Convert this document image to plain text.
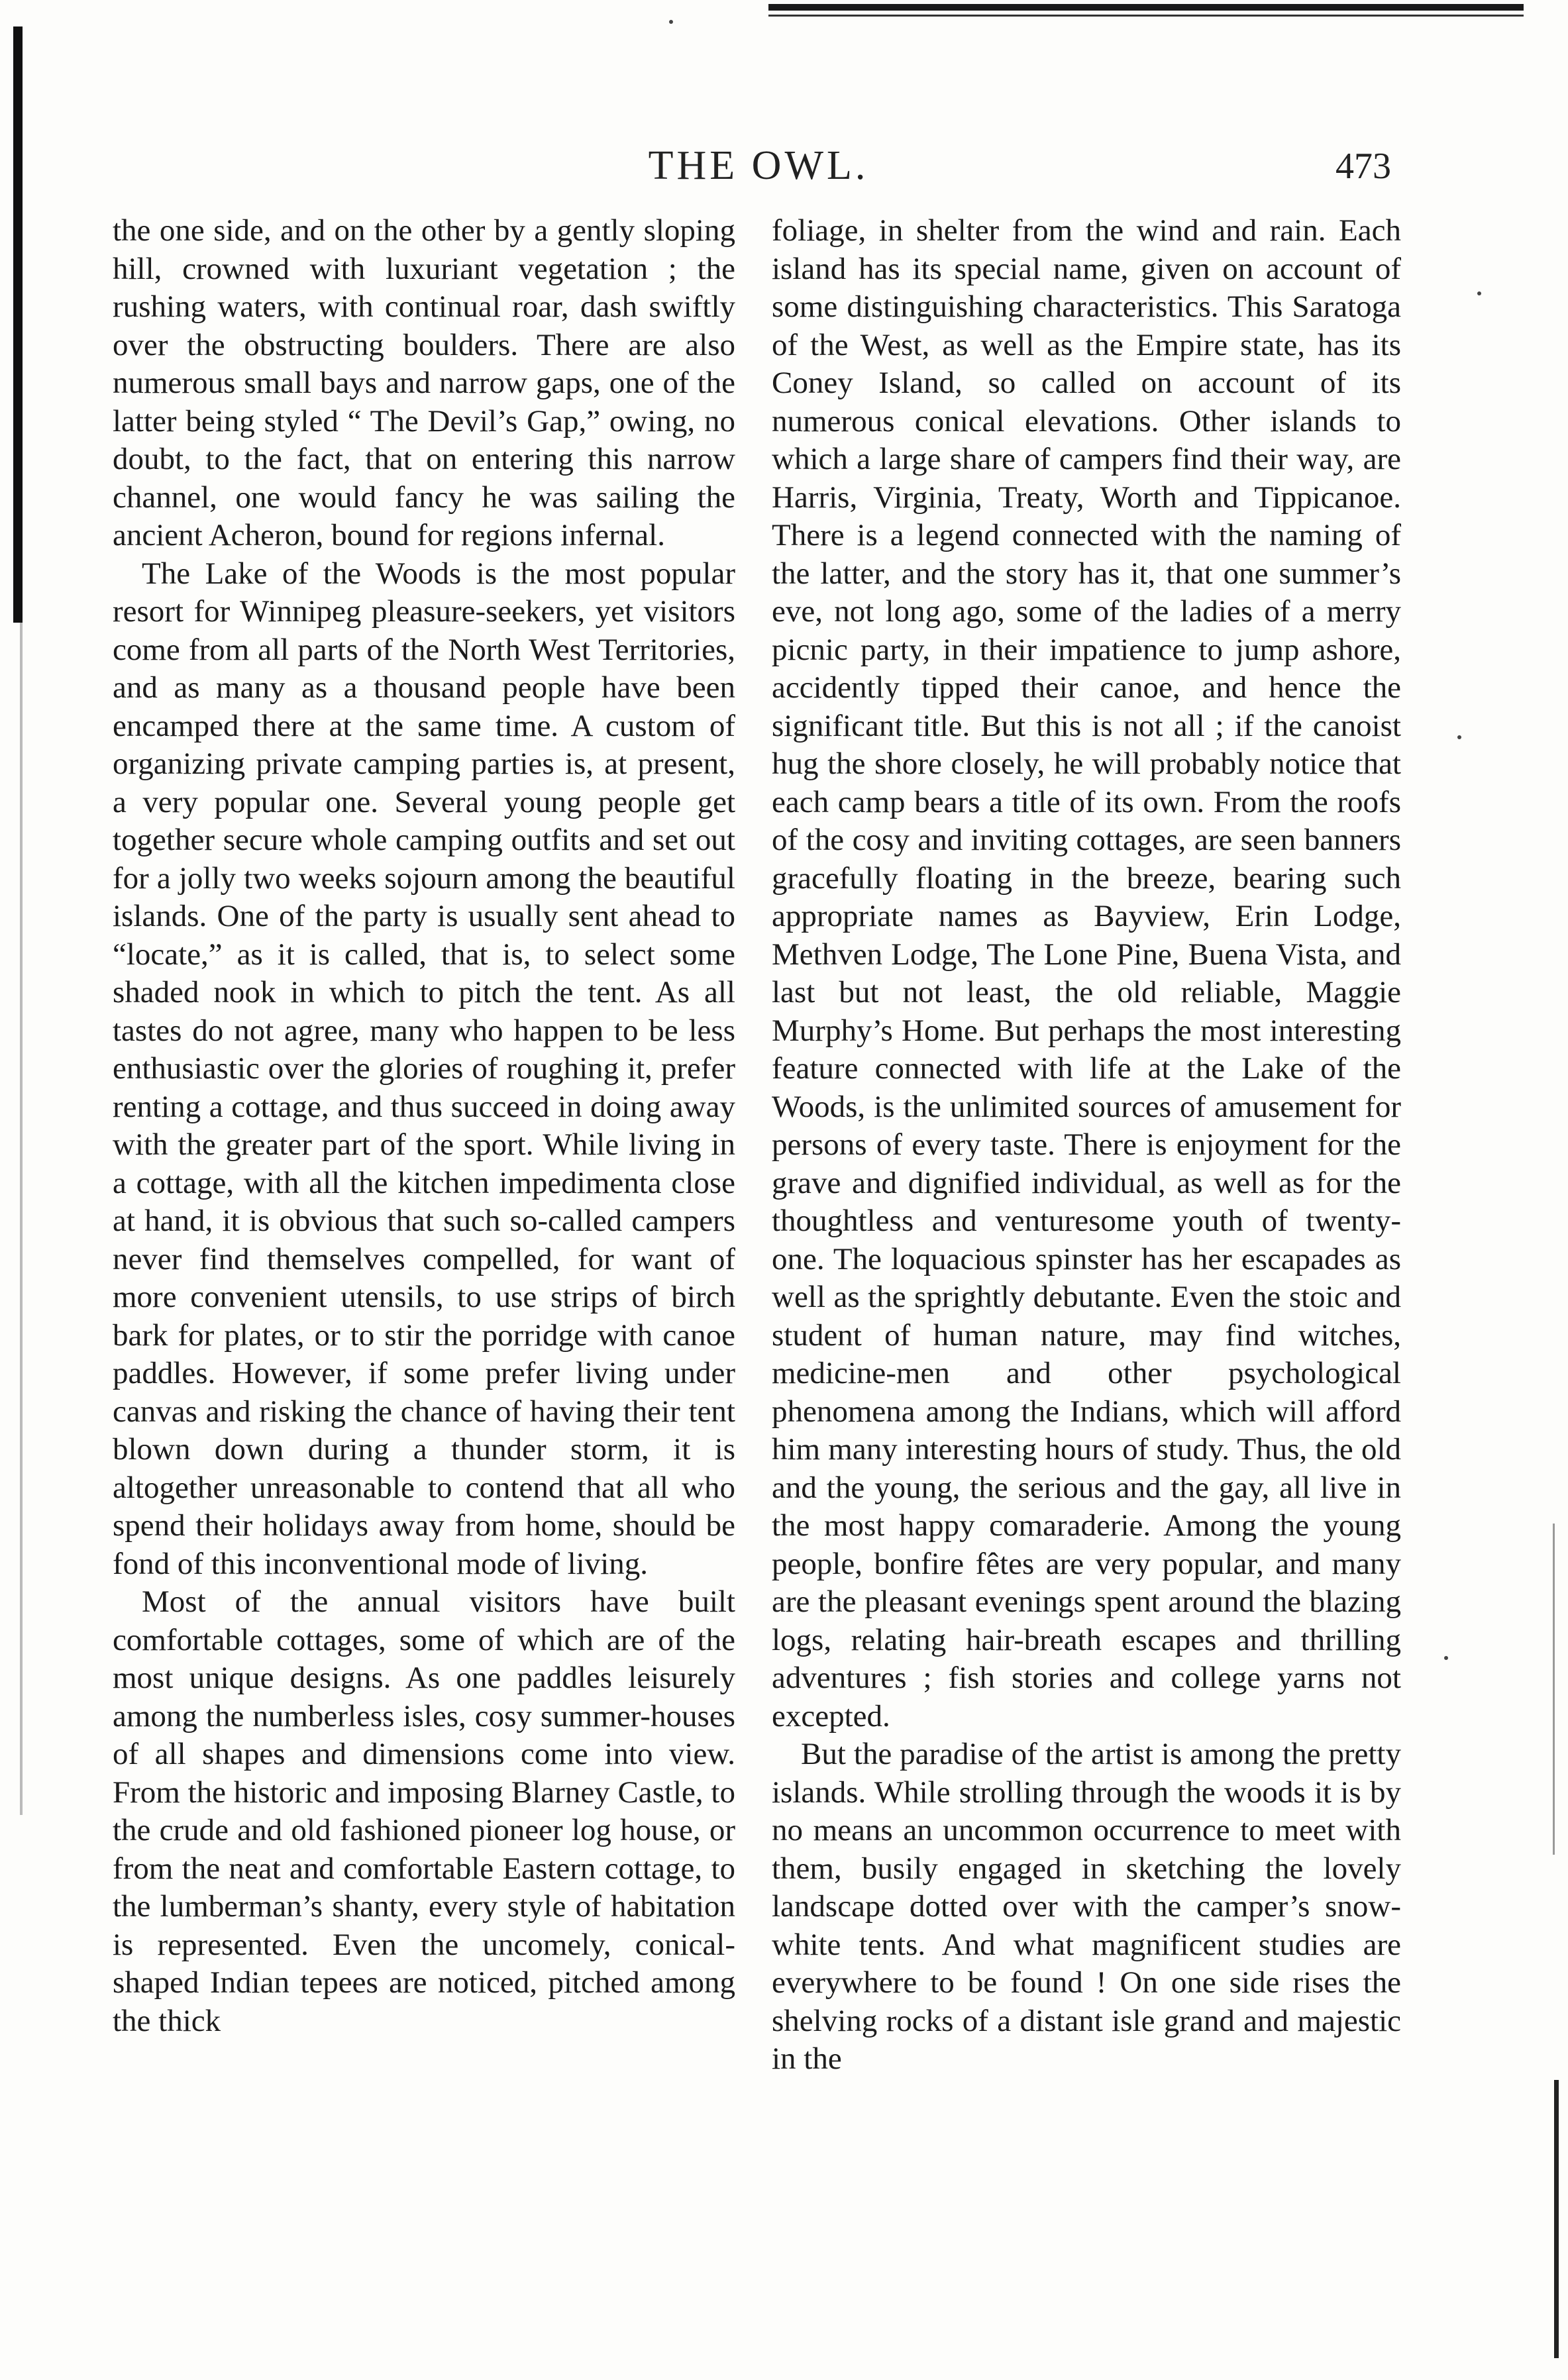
THE OWL.	473

the one side, and on the other by a gently sloping hill, crowned with luxuriant vegetation ; the rushing waters, with continual roar, dash swiftly over the obstructing boulders. There are also numerous small bays and narrow gaps, one of the latter being styled “ The Devil’s Gap,” owing, no doubt, to the fact, that on entering this narrow channel, one would fancy he was sailing the ancient Acheron, bound for regions infernal.

The Lake of the Woods is the most popular resort for Winnipeg pleasure-seekers, yet visitors come from all parts of the North West Territories, and as many as a thousand people have been encamped there at the same time. A custom of organizing private camping parties is, at present, a very popular one. Several young people get together secure whole camping outfits and set out for a jolly two weeks sojourn among the beautiful islands. One of the party is usually sent ahead to “locate,” as it is called, that is, to select some shaded nook in which to pitch the tent. As all tastes do not agree, many who happen to be less enthusiastic over the glories of roughing it, prefer renting a cottage, and thus succeed in doing away with the greater part of the sport. While living in a cottage, with all the kitchen impedimenta close at hand, it is obvious that such so-called campers never find themselves compelled, for want of more convenient utensils, to use strips of birch bark for plates, or to stir the porridge with canoe paddles. However, if some prefer living under canvas and risking the chance of having their tent blown down during a thunder storm, it is altogether unreasonable to contend that all who spend their holidays away from home, should be fond of this inconventional mode of living.

Most of the annual visitors have built comfortable cottages, some of which are of the most unique designs. As one paddles leisurely among the numberless isles, cosy summer-houses of all shapes and dimensions come into view. From the historic and imposing Blarney Castle, to the crude and old fashioned pioneer log house, or from the neat and comfortable Eastern cottage, to the lumberman’s shanty, every style of habitation is represented. Even the uncomely, conical-shaped Indian tepees are noticed, pitched among the thick

foliage, in shelter from the wind and rain. Each island has its special name, given on account of some distinguishing characteristics. This Saratoga of the West, as well as the Empire state, has its Coney Island, so called on account of its numerous conical elevations. Other islands to which a large share of campers find their way, are Harris, Virginia, Treaty, Worth and Tippicanoe. There is a legend connected with the naming of the latter, and the story has it, that one summer’s eve, not long ago, some of the ladies of a merry picnic party, in their impatience to jump ashore, accidently tipped their canoe, and hence the significant title. But this is not all ; if the canoist hug the shore closely, he will probably notice that each camp bears a title of its own. From the roofs of the cosy and inviting cottages, are seen banners gracefully floating in the breeze, bearing such appropriate names as Bayview, Erin Lodge, Methven Lodge, The Lone Pine, Buena Vista, and last but not least, the old reliable, Maggie Murphy’s Home. But perhaps the most interesting feature connected with life at the Lake of the Woods, is the unlimited sources of amusement for persons of every taste. There is enjoyment for the grave and dignified individual, as well as for the thoughtless and venturesome youth of twenty-one. The loquacious spinster has her escapades as well as the sprightly debutante. Even the stoic and student of human nature, may find witches, medicine-men and other psychological phenomena among the Indians, which will afford him many interesting hours of study. Thus, the old and the young, the serious and the gay, all live in the most happy comaraderie. Among the young people, bonfire fêtes are very popular, and many are the pleasant evenings spent around the blazing logs, relating hair-breath escapes and thrilling adventures ; fish stories and college yarns not excepted.

But the paradise of the artist is among the pretty islands. While strolling through the woods it is by no means an uncommon occurrence to meet with them, busily engaged in sketching the lovely landscape dotted over with the camper’s snow-white tents. And what magnificent studies are everywhere to be found ! On one side rises the shelving rocks of a distant isle grand and majestic in the
